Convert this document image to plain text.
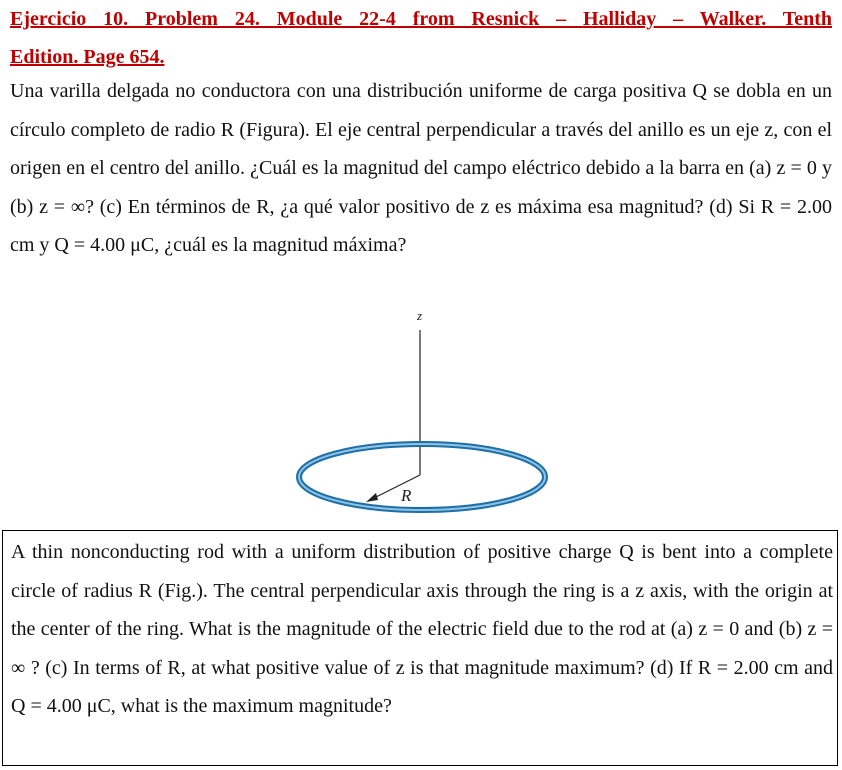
Ejercicio 10. Problem 24. Module 22-4 from Resnick – Halliday – Walker. Tenth
Edition. Page 654.
Una varilla delgada no conductora con una distribución uniforme de carga positiva Q se dobla en un círculo completo de radio R (Figura). El eje central perpendicular a través del anillo es un eje z, con el origen en el centro del anillo. ¿Cuál es la magnitud del campo eléctrico debido a la barra en (a) z = 0 y (b) z = ∞? (c) En términos de R, ¿a qué valor positivo de z es máxima esa magnitud? (d) Si R = 2.00 cm y Q = 4.00 μC, ¿cuál es la magnitud máxima?
z
R
A thin nonconducting rod with a uniform distribution of positive charge Q is bent into a complete circle of radius R (Fig.). The central perpendicular axis through the ring is a z axis, with the origin at the center of the ring. What is the magnitude of the electric field due to the rod at (a) z = 0 and (b) z = ∞ ? (c) In terms of R, at what positive value of z is that magnitude maximum? (d) If R = 2.00 cm and Q = 4.00 μC, what is the maximum magnitude?
